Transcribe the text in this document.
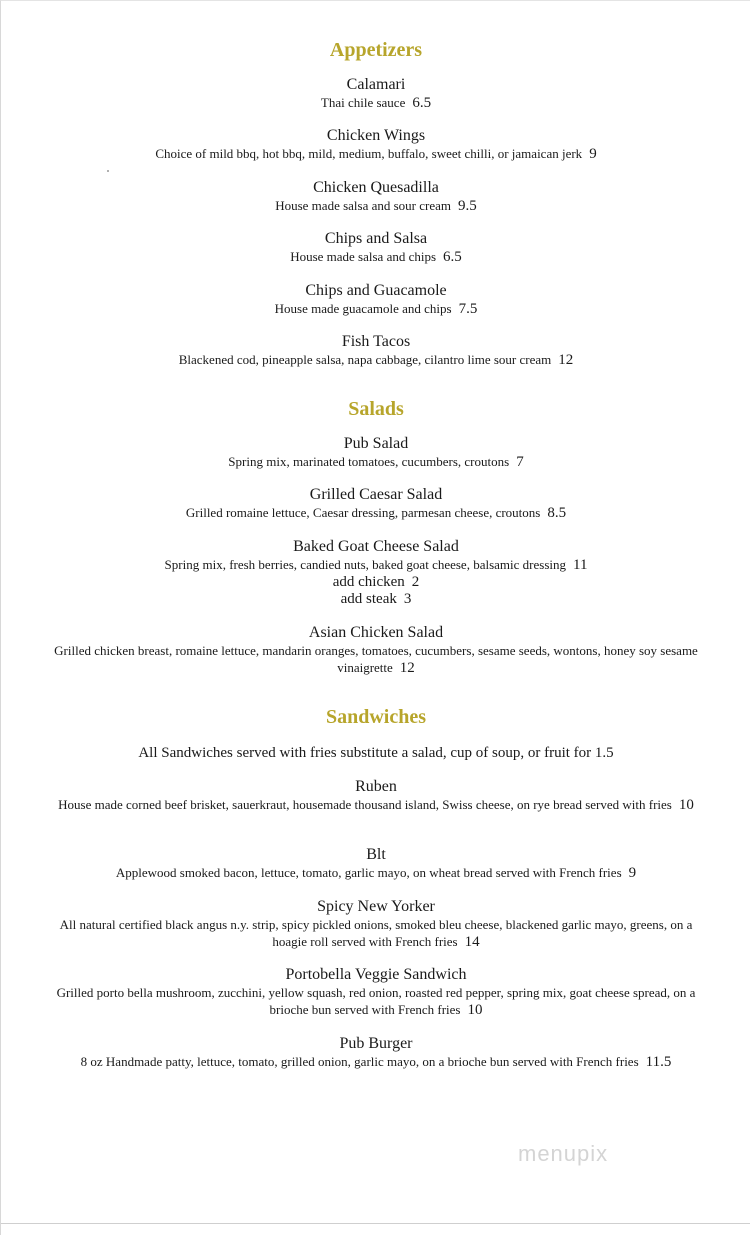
Appetizers
Calamari
Thai chile sauce 6.5
Chicken Wings
Choice of mild bbq, hot bbq, mild, medium, buffalo, sweet chilli, or jamaican jerk 9
Chicken Quesadilla
House made salsa and sour cream 9.5
Chips and Salsa
House made salsa and chips 6.5
Chips and Guacamole
House made guacamole and chips 7.5
Fish Tacos
Blackened cod, pineapple salsa, napa cabbage, cilantro lime sour cream 12
Salads
Pub Salad
Spring mix, marinated tomatoes, cucumbers, croutons 7
Grilled Caesar Salad
Grilled romaine lettuce, Caesar dressing, parmesan cheese, croutons 8.5
Baked Goat Cheese Salad
Spring mix, fresh berries, candied nuts, baked goat cheese, balsamic dressing 11
add chicken 2
add steak 3
Asian Chicken Salad
Grilled chicken breast, romaine lettuce, mandarin oranges, tomatoes, cucumbers, sesame seeds, wontons, honey soy sesame vinaigrette 12
Sandwiches
All Sandwiches served with fries substitute a salad, cup of soup, or fruit for 1.5
Ruben
House made corned beef brisket, sauerkraut, housemade thousand island, Swiss cheese, on rye bread served with fries 10
Blt
Applewood smoked bacon, lettuce, tomato, garlic mayo, on wheat bread served with French fries 9
Spicy New Yorker
All natural certified black angus n.y. strip, spicy pickled onions, smoked bleu cheese, blackened garlic mayo, greens, on a hoagie roll served with French fries 14
Portobella Veggie Sandwich
Grilled porto bella mushroom, zucchini, yellow squash, red onion, roasted red pepper, spring mix, goat cheese spread, on a brioche bun served with French fries 10
Pub Burger
8 oz Handmade patty, lettuce, tomato, grilled onion, garlic mayo, on a brioche bun served with French fries 11.5
menupix
